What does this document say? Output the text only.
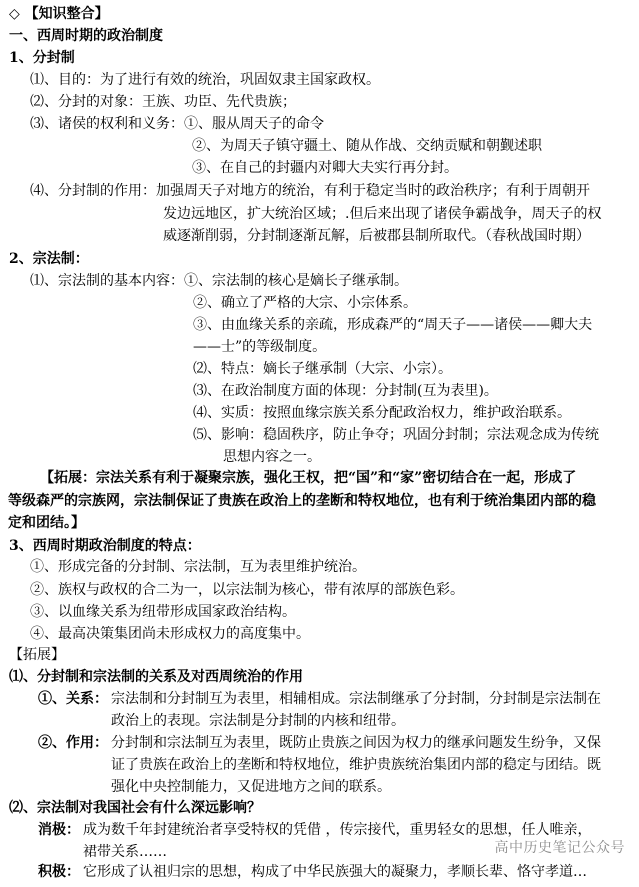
◇ 【知识整合】
一、西周时期的政治制度
1、分封制
⑴、目的：为了进行有效的统治，巩固奴隶主国家政权。
⑵、分封的对象：王族、功臣、先代贵族；
⑶、诸侯的权利和义务：①、服从周天子的命令
②、为周天子镇守疆土、随从作战、交纳贡赋和朝觐述职
③、在自己的封疆内对卿大夫实行再分封。
⑷、分封制的作用：加强周天子对地方的统治，有利于稳定当时的政治秩序；有利于周朝开
发边远地区，扩大统治区域；.但后来出现了诸侯争霸战争，周天子的权
威逐渐削弱，分封制逐渐瓦解，后被郡县制所取代。（春秋战国时期）
2、宗法制：
⑴、宗法制的基本内容：①、宗法制的核心是嫡长子继承制。
②、确立了严格的大宗、小宗体系。
③、由血缘关系的亲疏，形成森严的“周天子——诸侯——卿大夫
——士”的等级制度。
⑵、特点：嫡长子继承制（大宗、小宗）。
⑶、在政治制度方面的体现：分封制(互为表里)。
⑷、实质：按照血缘宗族关系分配政治权力，维护政治联系。
⑸、影响：稳固秩序，防止争夺；巩固分封制；宗法观念成为传统
思想内容之一。
【拓展：宗法关系有利于凝聚宗族，强化王权，把“国”和“家”密切结合在一起，形成了
等级森严的宗族网，宗法制保证了贵族在政治上的垄断和特权地位，也有利于统治集团内部的稳
定和团结。】
3、西周时期政治制度的特点：
①、形成完备的分封制、宗法制，互为表里维护统治。
②、族权与政权的合二为一，以宗法制为核心，带有浓厚的部族色彩。
③、以血缘关系为纽带形成国家政治结构。
④、最高决策集团尚未形成权力的高度集中。
【拓展】
⑴、分封制和宗法制的关系及对西周统治的作用
①、关系： 宗法制和分封制互为表里，相辅相成。宗法制继承了分封制，分封制是宗法制在
政治上的表现。宗法制是分封制的内核和纽带。
②、作用： 分封制和宗法制互为表里，既防止贵族之间因为权力的继承问题发生纷争，又保
证了贵族在政治上的垄断和特权地位，维护贵族统治集团内部的稳定与团结。既
强化中央控制能力，又促进地方之间的联系。
⑵、宗法制对我国社会有什么深远影响？
消极： 成为数千年封建统治者享受特权的凭借 ，传宗接代，重男轻女的思想，任人唯亲，
裙带关系……
积极： 它形成了认祖归宗的思想，构成了中华民族强大的凝聚力，孝顺长辈、恪守孝道…
高中历史笔记公众号
